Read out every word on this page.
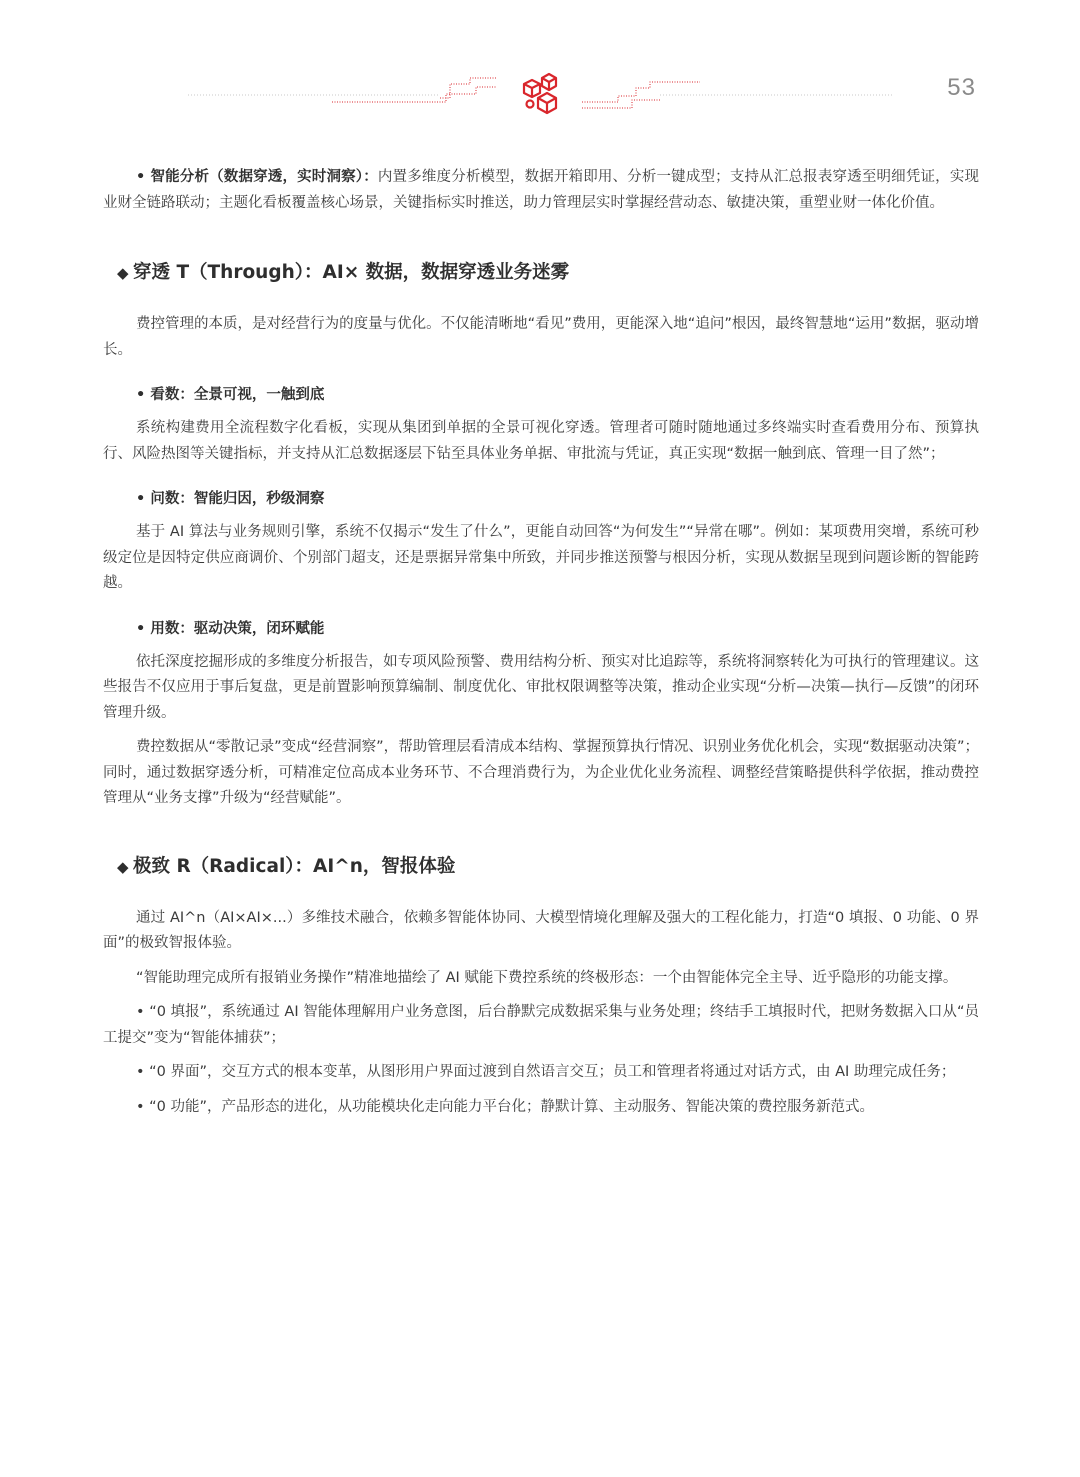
53

• 智能分析（数据穿透，实时洞察）：内置多维度分析模型，数据开箱即用、分析一键成型；支持从汇总报表穿透至明细凭证，实现业财全链路联动；主题化看板覆盖核心场景，关键指标实时推送，助力管理层实时掌握经营动态、敏捷决策，重塑业财一体化价值。

◆ 穿透 T（Through）：AI× 数据，数据穿透业务迷雾

费控管理的本质，是对经营行为的度量与优化。不仅能清晰地“看见”费用，更能深入地“追问”根因，最终智慧地“运用”数据，驱动增长。

• 看数：全景可视，一触到底

系统构建费用全流程数字化看板，实现从集团到单据的全景可视化穿透。管理者可随时随地通过多终端实时查看费用分布、预算执行、风险热图等关键指标，并支持从汇总数据逐层下钻至具体业务单据、审批流与凭证，真正实现“数据一触到底、管理一目了然”；

• 问数：智能归因，秒级洞察

基于 AI 算法与业务规则引擎，系统不仅揭示“发生了什么”，更能自动回答“为何发生”“异常在哪”。例如：某项费用突增，系统可秒级定位是因特定供应商调价、个别部门超支，还是票据异常集中所致，并同步推送预警与根因分析，实现从数据呈现到问题诊断的智能跨越。

• 用数：驱动决策，闭环赋能

依托深度挖掘形成的多维度分析报告，如专项风险预警、费用结构分析、预实对比追踪等，系统将洞察转化为可执行的管理建议。这些报告不仅应用于事后复盘，更是前置影响预算编制、制度优化、审批权限调整等决策，推动企业实现“分析—决策—执行—反馈”的闭环管理升级。

费控数据从“零散记录”变成“经营洞察”，帮助管理层看清成本结构、掌握预算执行情况、识别业务优化机会，实现“数据驱动决策”；同时，通过数据穿透分析，可精准定位高成本业务环节、不合理消费行为，为企业优化业务流程、调整经营策略提供科学依据，推动费控管理从“业务支撑”升级为“经营赋能”。

◆ 极致 R（Radical）：AI^n，智报体验

通过 AI^n（AI×AI×...）多维技术融合，依赖多智能体协同、大模型情境化理解及强大的工程化能力，打造“0 填报、0 功能、0 界面”的极致智报体验。

“智能助理完成所有报销业务操作”精准地描绘了 AI 赋能下费控系统的终极形态：一个由智能体完全主导、近乎隐形的功能支撑。

• “0 填报”，系统通过 AI 智能体理解用户业务意图，后台静默完成数据采集与业务处理；终结手工填报时代，把财务数据入口从“员工提交”变为“智能体捕获”；

• “0 界面”，交互方式的根本变革，从图形用户界面过渡到自然语言交互；员工和管理者将通过对话方式，由 AI 助理完成任务；

• “0 功能”，产品形态的进化，从功能模块化走向能力平台化；静默计算、主动服务、智能决策的费控服务新范式。
